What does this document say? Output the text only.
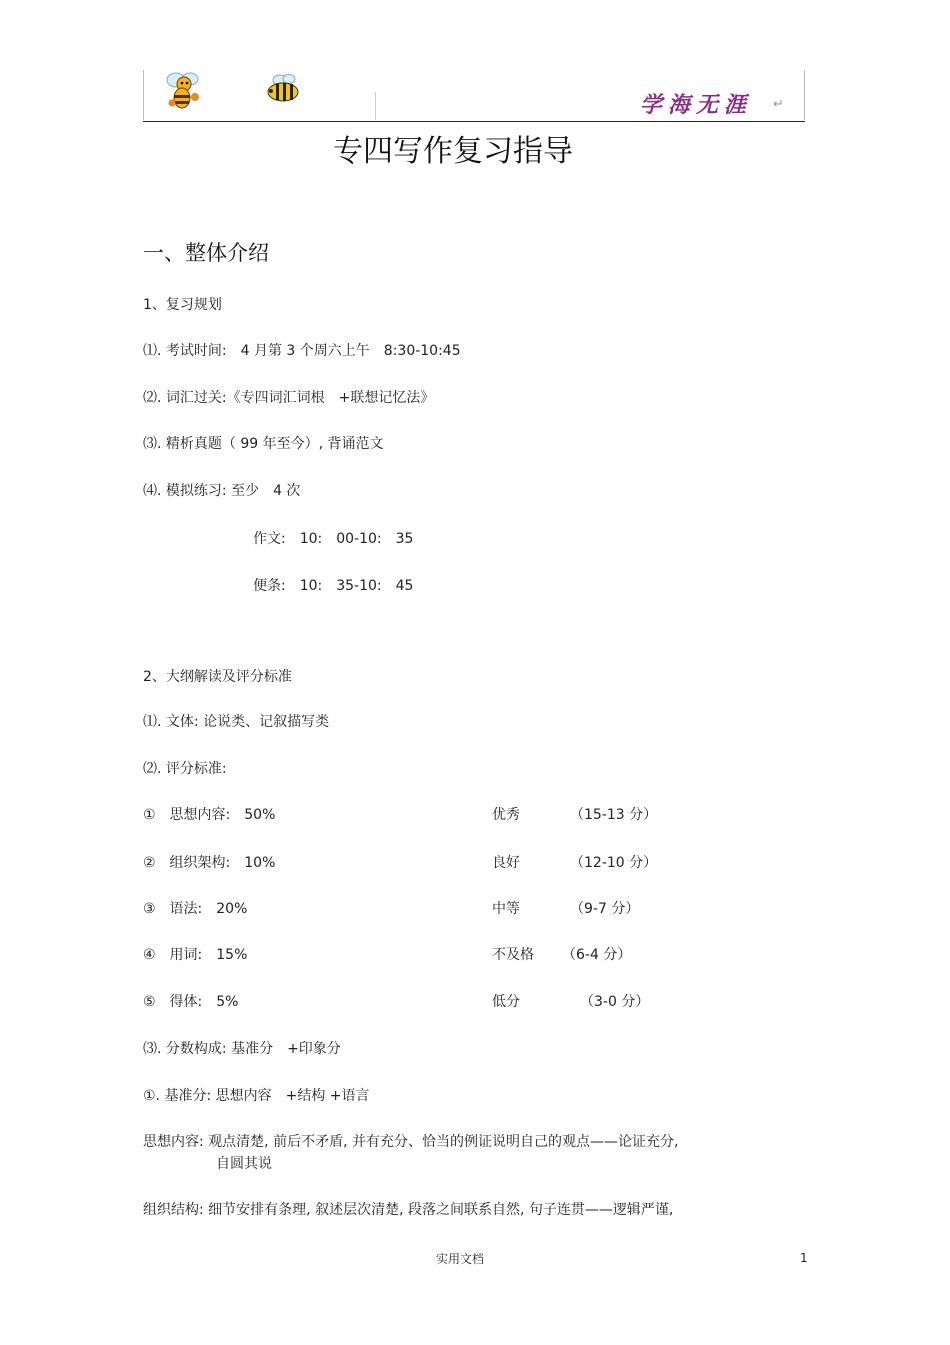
学海无涯 ↵
专四写作复习指导
一、整体介绍
1、复习规划
⑴. 考试时间:　4 月第 3 个周六上午　8:30-10:45
⑵. 词汇过关:《专四词汇词根　+联想记忆法》
⑶. 精析真题（ 99 年至今）, 背诵范文
⑷. 模拟练习: 至少　4 次
作文:　10:　00-10:　35
便条:　10:　35-10:　45
2、大纲解读及评分标准
⑴. 文体: 论说类、记叙描写类
⑵. 评分标准:
①　思想内容:　50%	优秀	（15-13 分）
②　组织架构:　10%	良好	（12-10 分）
③　语法:　20%	中等	（9-7 分）
④　用词:　15%	不及格 （6-4 分）
⑤　得体:　5%	低分	（3-0 分）
⑶. 分数构成: 基准分　+印象分
①. 基准分: 思想内容　+结构 +语言
思想内容: 观点清楚, 前后不矛盾, 并有充分、恰当的例证说明自己的观点——论证充分,
自圆其说
组织结构: 细节安排有条理, 叙述层次清楚, 段落之间联系自然, 句子连贯——逻辑严谨,
实用文档	1
